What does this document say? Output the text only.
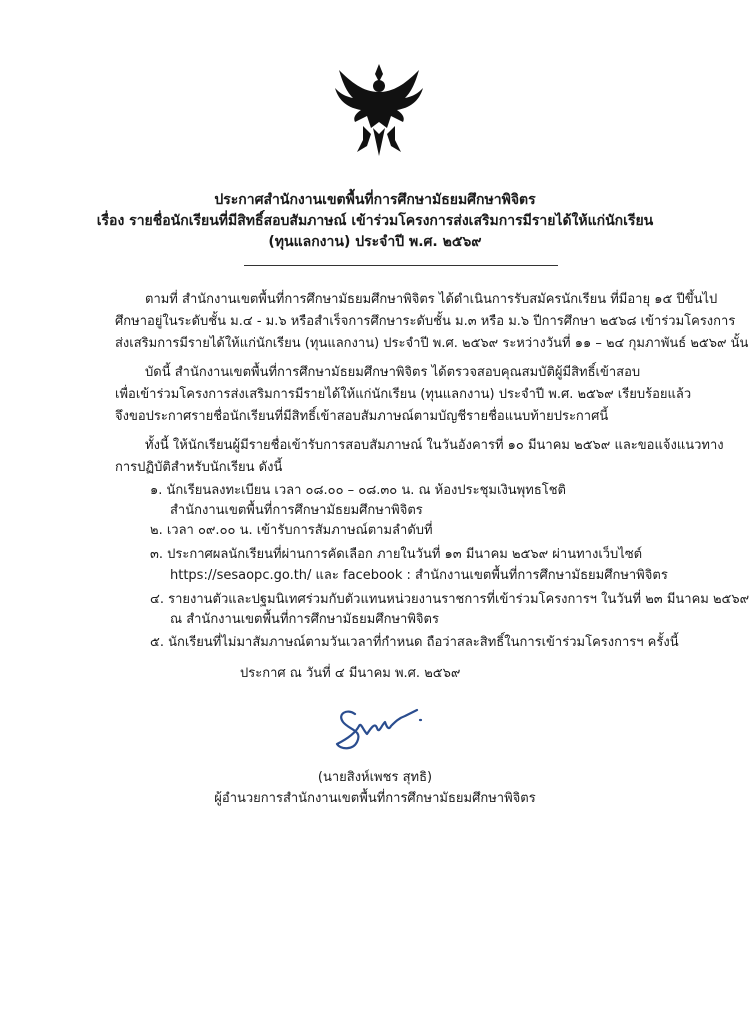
ประกาศสำนักงานเขตพื้นที่การศึกษามัธยมศึกษาพิจิตร
เรื่อง รายชื่อนักเรียนที่มีสิทธิ์สอบสัมภาษณ์ เข้าร่วมโครงการส่งเสริมการมีรายได้ให้แก่นักเรียน
(ทุนแลกงาน) ประจำปี พ.ศ. ๒๕๖๙
ตามที่ สำนักงานเขตพื้นที่การศึกษามัธยมศึกษาพิจิตร ได้ดำเนินการรับสมัครนักเรียน ที่มีอายุ ๑๕ ปีขึ้นไป
ศึกษาอยู่ในระดับชั้น ม.๔ - ม.๖ หรือสำเร็จการศึกษาระดับชั้น ม.๓ หรือ ม.๖ ปีการศึกษา ๒๕๖๘ เข้าร่วมโครงการ
ส่งเสริมการมีรายได้ให้แก่นักเรียน (ทุนแลกงาน) ประจำปี พ.ศ. ๒๕๖๙ ระหว่างวันที่ ๑๑ – ๒๔ กุมภาพันธ์ ๒๕๖๙ นั้น
บัดนี้ สำนักงานเขตพื้นที่การศึกษามัธยมศึกษาพิจิตร ได้ตรวจสอบคุณสมบัติผู้มีสิทธิ์เข้าสอบ
เพื่อเข้าร่วมโครงการส่งเสริมการมีรายได้ให้แก่นักเรียน (ทุนแลกงาน) ประจำปี พ.ศ. ๒๕๖๙ เรียบร้อยแล้ว
จึงขอประกาศรายชื่อนักเรียนที่มีสิทธิ์เข้าสอบสัมภาษณ์ตามบัญชีรายชื่อแนบท้ายประกาศนี้
ทั้งนี้ ให้นักเรียนผู้มีรายชื่อเข้ารับการสอบสัมภาษณ์ ในวันอังคารที่ ๑๐ มีนาคม ๒๕๖๙ และขอแจ้งแนวทาง
การปฏิบัติสำหรับนักเรียน ดังนี้
๑. นักเรียนลงทะเบียน เวลา ๐๘.๐๐ – ๐๘.๓๐ น. ณ ห้องประชุมเงินพุทธโชติ
สำนักงานเขตพื้นที่การศึกษามัธยมศึกษาพิจิตร
๒. เวลา ๐๙.๐๐ น. เข้ารับการสัมภาษณ์ตามลำดับที่
๓. ประกาศผลนักเรียนที่ผ่านการคัดเลือก ภายในวันที่ ๑๓ มีนาคม ๒๕๖๙ ผ่านทางเว็บไซต์
https://sesaopc.go.th/ และ facebook : สำนักงานเขตพื้นที่การศึกษามัธยมศึกษาพิจิตร
๔. รายงานตัวและปฐมนิเทศร่วมกับตัวแทนหน่วยงานราชการที่เข้าร่วมโครงการฯ ในวันที่ ๒๓ มีนาคม ๒๕๖๙
ณ สำนักงานเขตพื้นที่การศึกษามัธยมศึกษาพิจิตร
๕. นักเรียนที่ไม่มาสัมภาษณ์ตามวันเวลาที่กำหนด ถือว่าสละสิทธิ์ในการเข้าร่วมโครงการฯ ครั้งนี้
ประกาศ ณ วันที่ ๔ มีนาคม พ.ศ. ๒๕๖๙
(นายสิงห์เพชร สุทธิ)
ผู้อำนวยการสำนักงานเขตพื้นที่การศึกษามัธยมศึกษาพิจิตร
